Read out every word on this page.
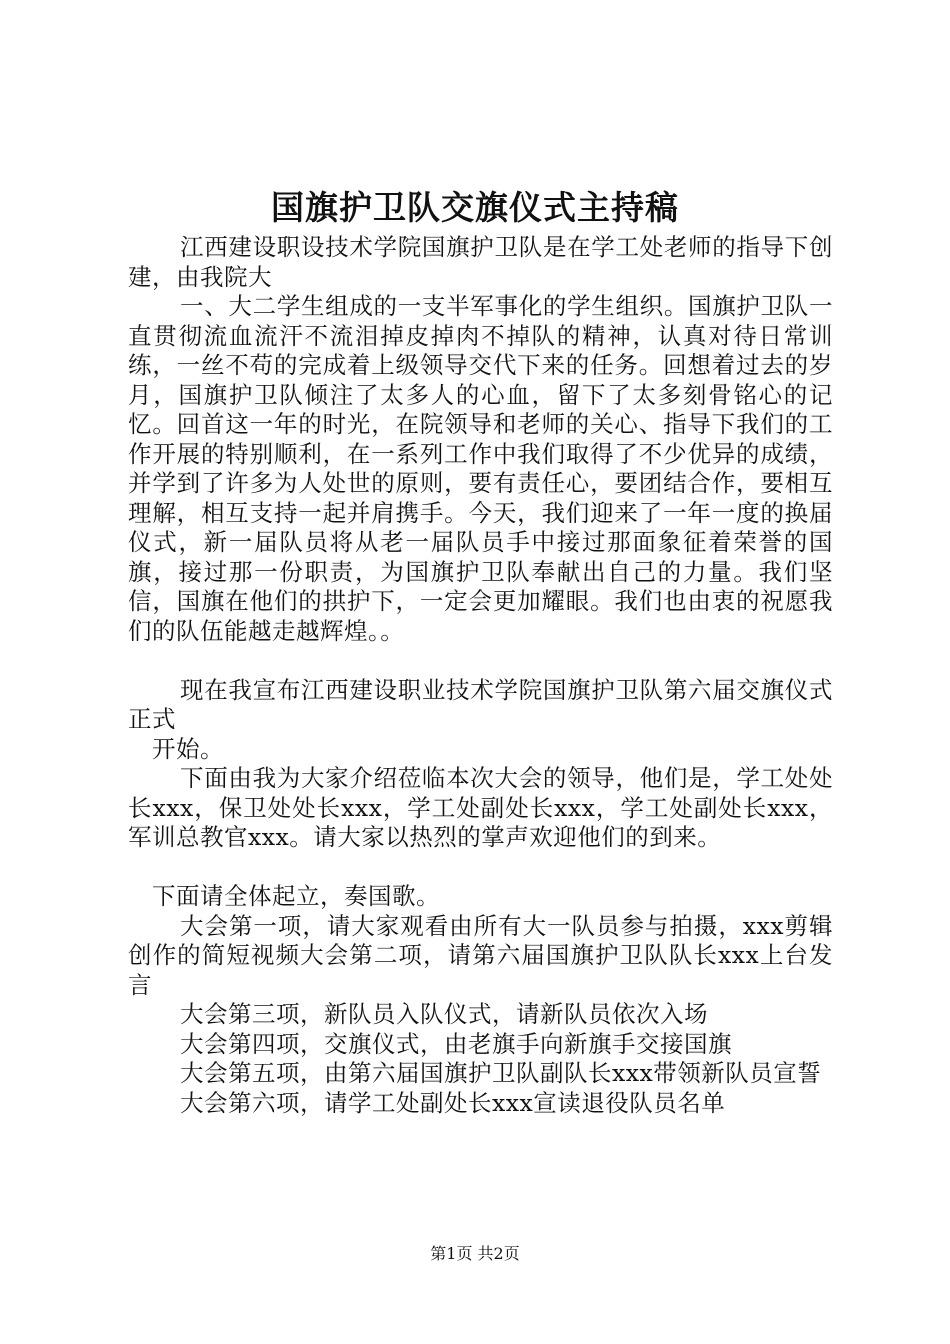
国旗护卫队交旗仪式主持稿

江西建设职设技术学院国旗护卫队是在学工处老师的指导下创建，由我院大

一、大二学生组成的一支半军事化的学生组织。国旗护卫队一直贯彻流血流汗不流泪掉皮掉肉不掉队的精神，认真对待日常训练，一丝不苟的完成着上级领导交代下来的任务。回想着过去的岁月，国旗护卫队倾注了太多人的心血，留下了太多刻骨铭心的记忆。回首这一年的时光，在院领导和老师的关心、指导下我们的工作开展的特别顺利，在一系列工作中我们取得了不少优异的成绩，并学到了许多为人处世的原则，要有责任心，要团结合作，要相互理解，相互支持一起并肩携手。今天，我们迎来了一年一度的换届仪式，新一届队员将从老一届队员手中接过那面象征着荣誉的国旗，接过那一份职责，为国旗护卫队奉献出自己的力量。我们坚信，国旗在他们的拱护下，一定会更加耀眼。我们也由衷的祝愿我们的队伍能越走越辉煌。。

现在我宣布江西建设职业技术学院国旗护卫队第六届交旗仪式正式

开始。

下面由我为大家介绍莅临本次大会的领导，他们是，学工处处长xxx，保卫处处长xxx，学工处副处长xxx，学工处副处长xxx，军训总教官xxx。请大家以热烈的掌声欢迎他们的到来。

下面请全体起立，奏国歌。

大会第一项，请大家观看由所有大一队员参与拍摄，xxx剪辑创作的简短视频大会第二项，请第六届国旗护卫队队长xxx上台发言

大会第三项，新队员入队仪式，请新队员依次入场

大会第四项，交旗仪式，由老旗手向新旗手交接国旗

大会第五项，由第六届国旗护卫队副队长xxx带领新队员宣誓

大会第六项，请学工处副处长xxx宣读退役队员名单

第1页 共2页
